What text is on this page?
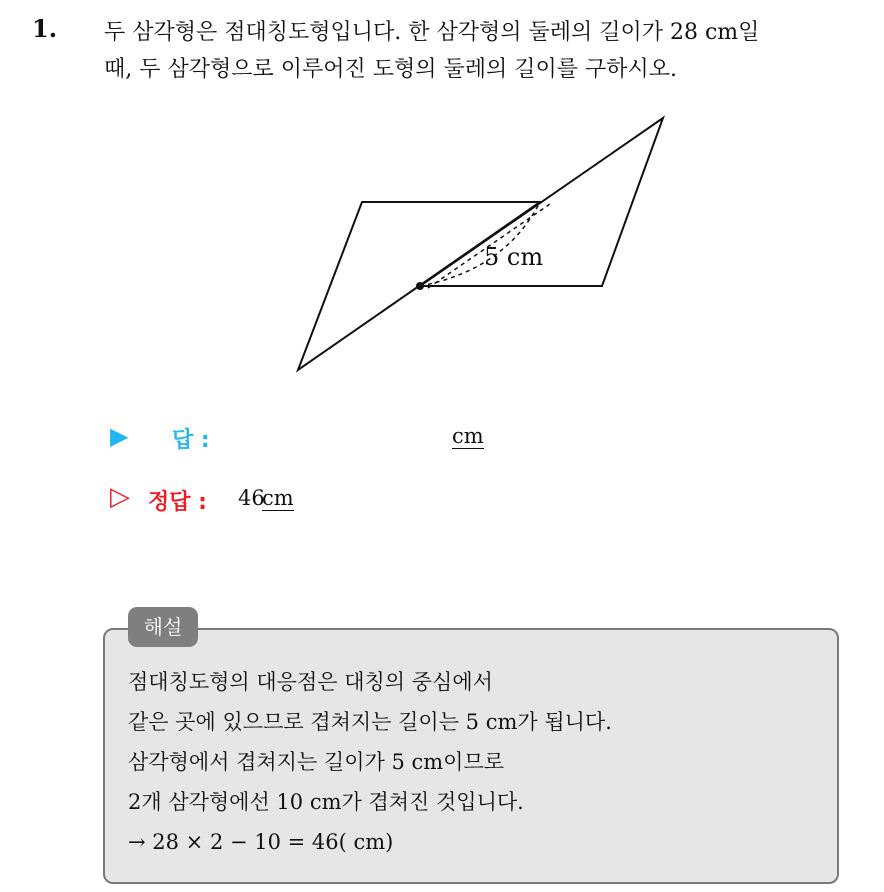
1. 두 삼각형은 점대칭도형입니다. 한 삼각형의 둘레의 길이가 28 cm일
때, 두 삼각형으로 이루어진 도형의 둘레의 길이를 구하시오.
5 cm
▶ 답 :	cm
▷ 정답 : 46
cm
해설
점대칭도형의 대응점은 대칭의 중심에서
같은 곳에 있으므로 겹쳐지는 길이는 5 cm가 됩니다.
삼각형에서 겹쳐지는 길이가 5 cm이므로
2개 삼각형에선 10 cm가 겹쳐진 것입니다.
→ 28 × 2 − 10 = 46( cm)
